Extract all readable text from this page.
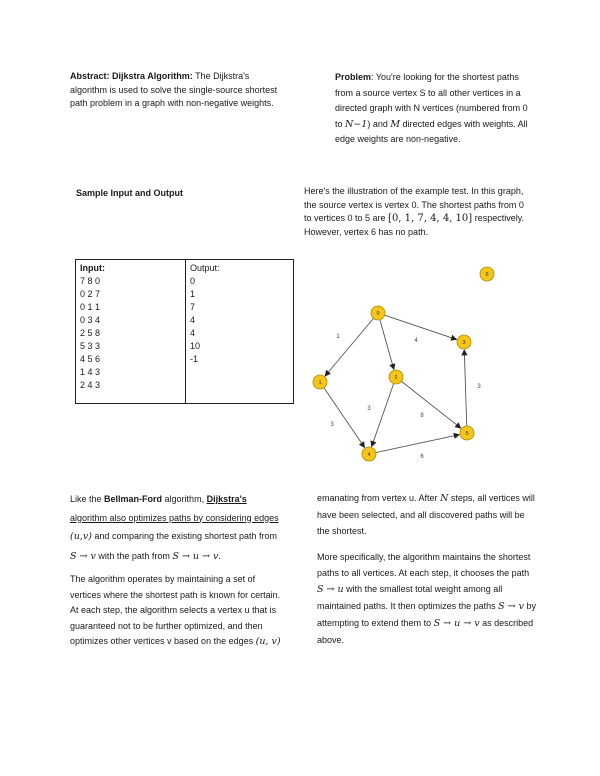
Abstract: Dijkstra Algorithm: The Dijkstra's algorithm is used to solve the single-source shortest path problem in a graph with non-negative weights.
Problem: You're looking for the shortest paths from a source vertex S to all other vertices in a directed graph with N vertices (numbered from 0 to N−1) and M directed edges with weights. All edge weights are non-negative.
Sample Input and Output
Input:
7 8 0
0 2 7
0 1 1
0 3 4
2 5 8
5 3 3
4 5 6
1 4 3
2 4 3

Output:
0
1
7
4
4
10
-1
Here's the illustration of the example test. In this graph, the source vertex is vertex 0. The shortest paths from 0 to vertices 0 to 5 are [0, 1, 7, 4, 4, 10] respectively. However, vertex 6 has no path.
1
4
3
3
8
3
6
0
1
2
3
4
5
6

Like the Bellman-Ford algorithm, Dijkstra's algorithm also optimizes paths by considering edges (u,v) and comparing the existing shortest path from S → v with the path from S → u → v.

The algorithm operates by maintaining a set of vertices where the shortest path is known for certain. At each step, the algorithm selects a vertex u that is guaranteed not to be further optimized, and then optimizes other vertices v based on the edges (u, v)

emanating from vertex u. After N steps, all vertices will have been selected, and all discovered paths will be the shortest.

More specifically, the algorithm maintains the shortest paths to all vertices. At each step, it chooses the path S → u with the smallest total weight among all maintained paths. It then optimizes the paths S → v by attempting to extend them to S → u → v as described above.
